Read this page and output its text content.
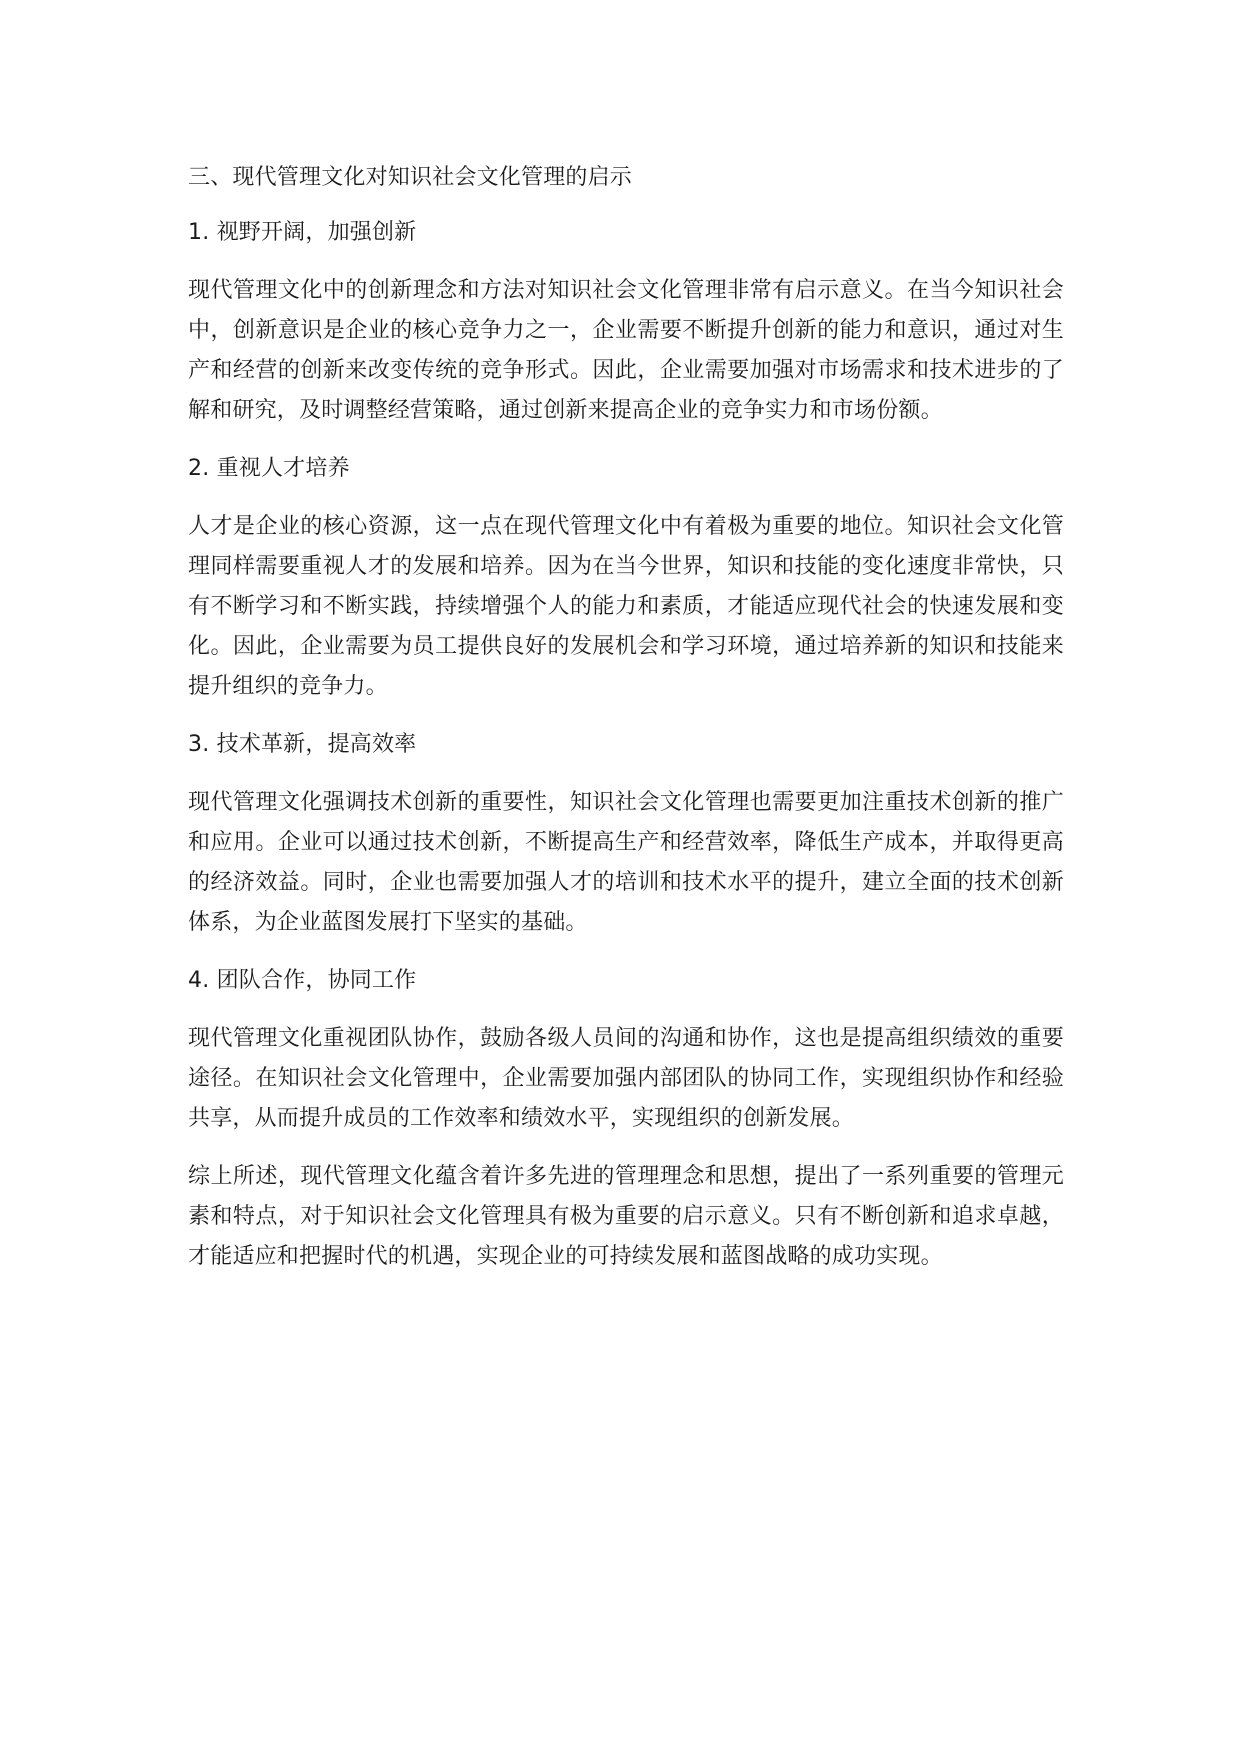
三、现代管理文化对知识社会文化管理的启示
1. 视野开阔，加强创新

现代管理文化中的创新理念和方法对知识社会文化管理非常有启示意义。在当今知识社会中，创新意识是企业的核心竞争力之一，企业需要不断提升创新的能力和意识，通过对生产和经营的创新来改变传统的竞争形式。因此，企业需要加强对市场需求和技术进步的了解和研究，及时调整经营策略，通过创新来提高企业的竞争实力和市场份额。

2. 重视人才培养

人才是企业的核心资源，这一点在现代管理文化中有着极为重要的地位。知识社会文化管理同样需要重视人才的发展和培养。因为在当今世界，知识和技能的变化速度非常快，只有不断学习和不断实践，持续增强个人的能力和素质，才能适应现代社会的快速发展和变化。因此，企业需要为员工提供良好的发展机会和学习环境，通过培养新的知识和技能来提升组织的竞争力。

3. 技术革新，提高效率

现代管理文化强调技术创新的重要性，知识社会文化管理也需要更加注重技术创新的推广和应用。企业可以通过技术创新，不断提高生产和经营效率，降低生产成本，并取得更高的经济效益。同时，企业也需要加强人才的培训和技术水平的提升，建立全面的技术创新体系，为企业蓝图发展打下坚实的基础。

4. 团队合作，协同工作

现代管理文化重视团队协作，鼓励各级人员间的沟通和协作，这也是提高组织绩效的重要途径。在知识社会文化管理中，企业需要加强内部团队的协同工作，实现组织协作和经验共享，从而提升成员的工作效率和绩效水平，实现组织的创新发展。

综上所述，现代管理文化蕴含着许多先进的管理理念和思想，提出了一系列重要的管理元素和特点，对于知识社会文化管理具有极为重要的启示意义。只有不断创新和追求卓越，才能适应和把握时代的机遇，实现企业的可持续发展和蓝图战略的成功实现。
